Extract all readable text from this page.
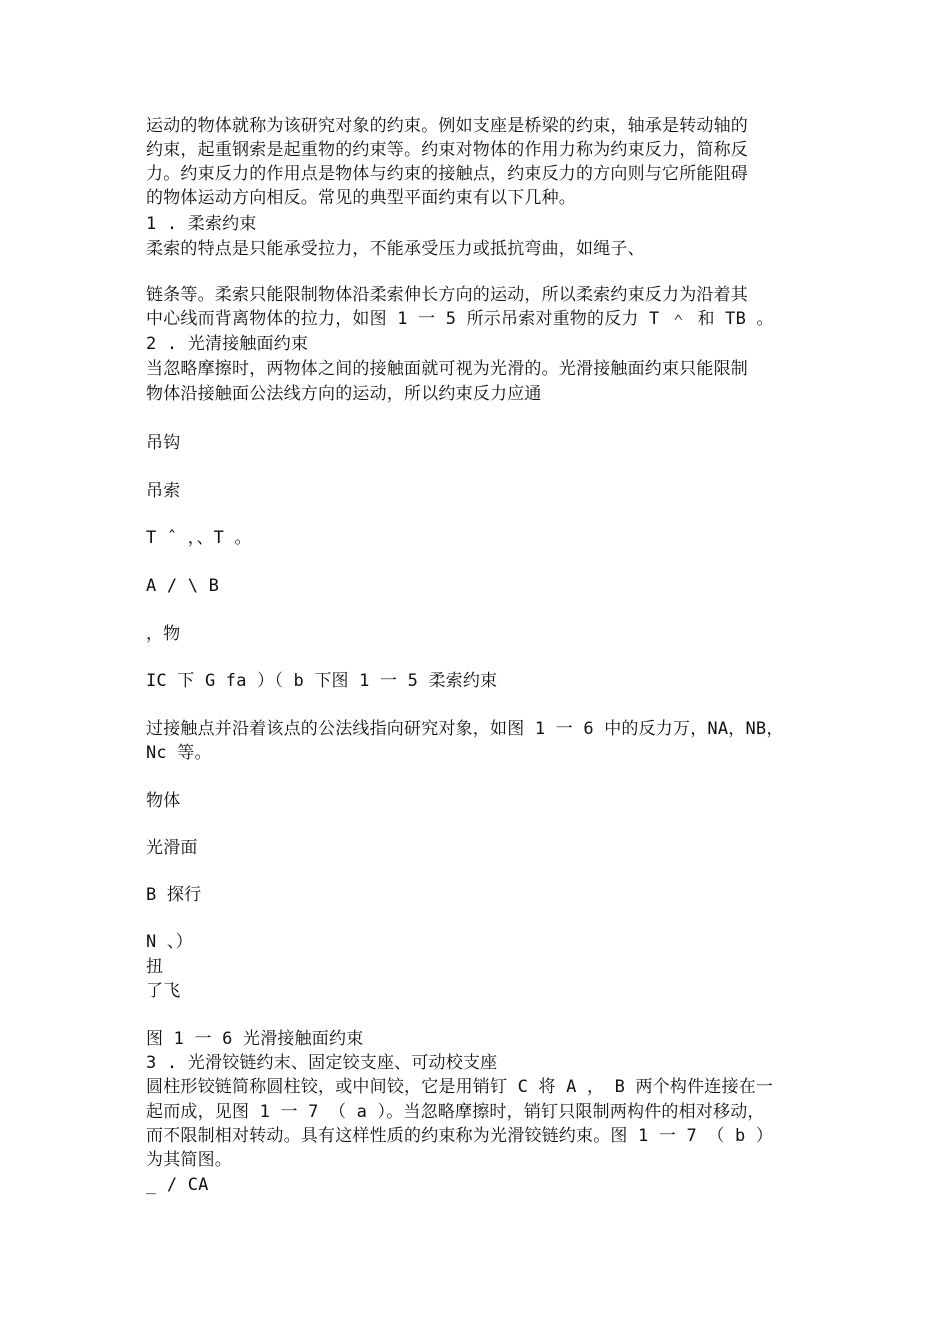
运动的物体就称为该研究对象的约束。例如支座是桥梁的约束，轴承是转动轴的
约束，起重钢索是起重物的约束等。约束对物体的作用力称为约束反力，简称反
力。约束反力的作用点是物体与约束的接触点，约束反力的方向则与它所能阻碍
的物体运动方向相反。常见的典型平面约束有以下几种。
1 . 柔索约束
柔索的特点是只能承受拉力，不能承受压力或抵抗弯曲，如绳子、
链条等。柔索只能限制物体沿柔索伸长方向的运动，所以柔索约束反力为沿着其
中心线而背离物体的拉力，如图 1 一 5 所示吊索对重物的反力 T ＾ 和 TB 。
2 . 光清接触面约束
当忽略摩擦时，两物体之间的接触面就可视为光滑的。光滑接触面约束只能限制
物体沿接触面公法线方向的运动，所以约束反力应通
吊钩
吊索
T ˆ ，、T 。
A / \ B
，物
IC 下 G fa ）（ b 下图 1 一 5 柔索约束
过接触点并沿着该点的公法线指向研究对象，如图 1 一 6 中的反力万，NA，NB，
Nc 等。
物体
光滑面
B 探行
N 、）
扭
了飞
图 1 一 6 光滑接触面约束
3 . 光滑铰链约末、固定铰支座、可动校支座
圆柱形铰链简称圆柱铰，或中间铰，它是用销钉 C 将 A ， B 两个构件连接在一
起而成，见图 1 一 7 （ a ）。当忽略摩擦时，销钉只限制两构件的相对移动，
而不限制相对转动。具有这样性质的约束称为光滑铰链约束。图 1 一 7 （ b ）
为其简图。
_ / CA
